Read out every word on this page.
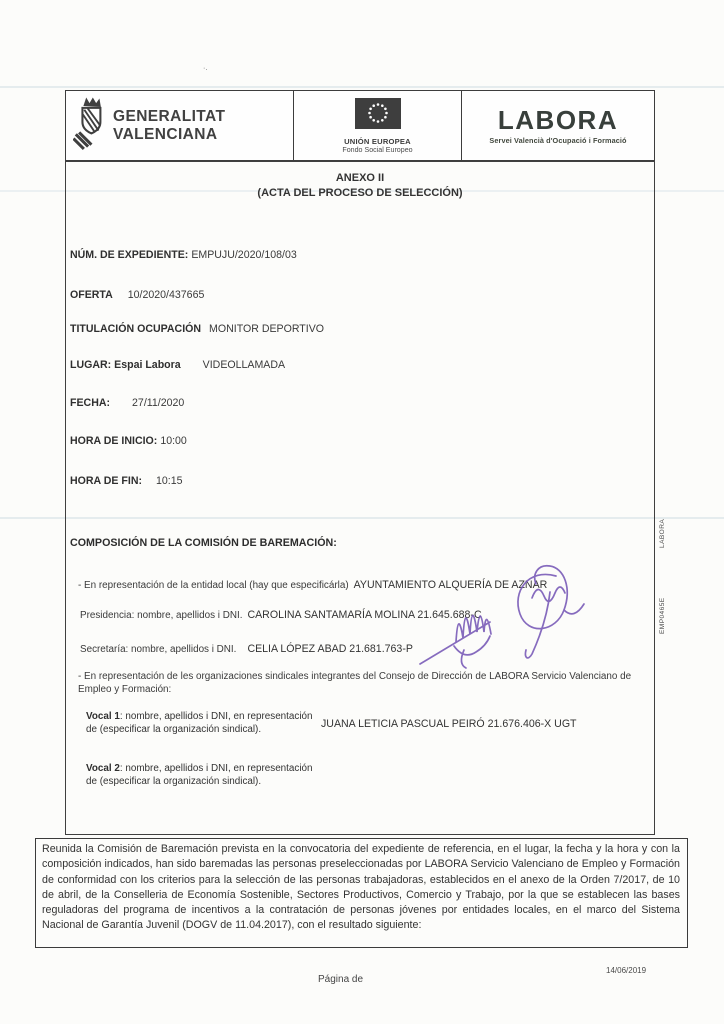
·.
GENERALITAT
VALENCIANA	UNIÓN EUROPEA
Fondo Social Europeo
LABORA
Servei Valencià d'Ocupació i Formació
ANEXO II
(ACTA DEL PROCESO DE SELECCIÓN)
NÚM. DE EXPEDIENTE: EMPUJU/2020/108/03
OFERTA 10/2020/437665
TITULACIÓN OCUPACIÓN MONITOR DEPORTIVO
LUGAR: Espai Labora VIDEOLLAMADA
FECHA: 27/11/2020
HORA DE INICIO: 10:00
HORA DE FIN: 10:15
COMPOSICIÓN DE LA COMISIÓN DE BAREMACIÓN:
- En representación de la entidad local (hay que especificárla) AYUNTAMIENTO ALQUERÍA DE AZNAR
Presidencia: nombre, apellidos i DNI. CAROLINA SANTAMARÍA MOLINA 21.645.688-C
Secretaría: nombre, apellidos i DNI. CELIA LÓPEZ ABAD 21.681.763-P
- En representación de les organizaciones sindicales integrantes del Consejo de Dirección de LABORA Servicio Valenciano de Empleo y Formación:
Vocal 1: nombre, apellidos i DNI, en representación
de (especificar la organización sindical).	JUANA LETICIA PASCUAL PEIRÓ 21.676.406-X UGT
Vocal 2: nombre, apellidos i DNI, en representación
de (especificar la organización sindical).
LABORA
EMP0465E
Reunida la Comisión de Baremación prevista en la convocatoria del expediente de referencia, en el lugar, la fecha y la hora y con la composición indicados, han sido baremadas las personas preseleccionadas por LABORA Servicio Valenciano de Empleo y Formación de conformidad con los criterios para la selección de las personas trabajadoras, establecidos en el anexo de la Orden 7/2017, de 10 de abril, de la Conselleria de Economía Sostenible, Sectores Productivos, Comercio y Trabajo, por la que se establecen las bases reguladoras del programa de incentivos a la contratación de personas jóvenes por entidades locales, en el marco del Sistema Nacional de Garantía Juvenil (DOGV de 11.04.2017), con el resultado siguiente:
Página de
14/06/2019
